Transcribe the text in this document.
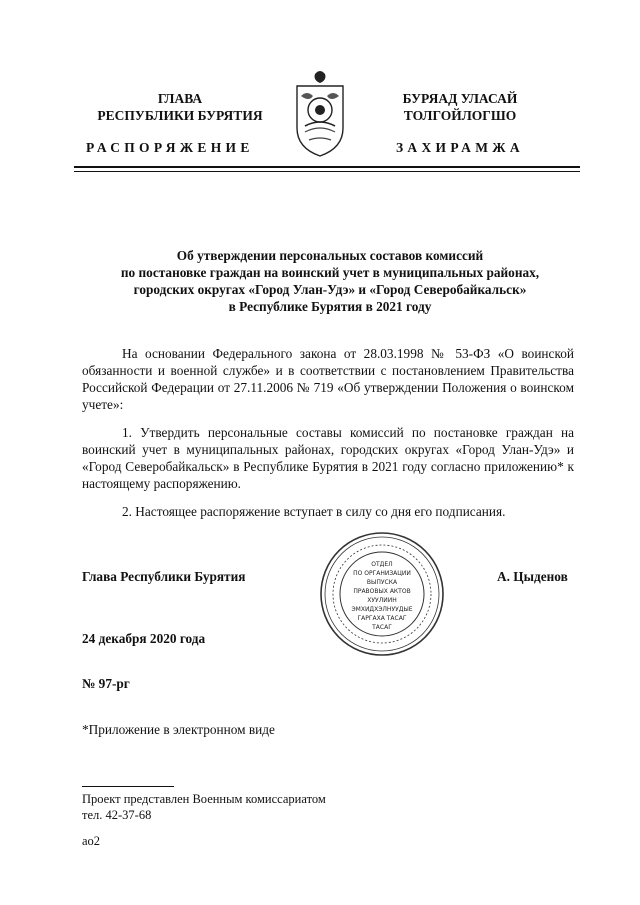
ГЛАВА
РЕСПУБЛИКИ БУРЯТИЯ
РАСПОРЯЖЕНИЕ
БУРЯАД УЛАСАЙ
ТОЛГОЙЛОГШО
ЗАХИРАМЖА
Об утверждении персональных составов комиссий
по постановке граждан на воинский учет в муниципальных районах,
городских округах «Город Улан-Удэ» и «Город Северобайкальск»
в Республике Бурятия в 2021 году
На основании Федерального закона от 28.03.1998 № 53-ФЗ «О воинской обязанности и военной службе» и в соответствии с постановлением Правительства Российской Федерации от 27.11.2006 № 719 «Об утверждении Положения о воинском учете»:
1. Утвердить персональные составы комиссий по постановке граждан на воинский учет в муниципальных районах, городских округах «Город Улан-Удэ» и «Город Северобайкальск» в Республике Бурятия в 2021 году согласно приложению* к настоящему распоряжению.
2. Настоящее распоряжение вступает в силу со дня его подписания.
Глава Республики Бурятия
ОТДЕЛ
ПО ОРГАНИЗАЦИИ
ВЫПУСКА
ПРАВОВЫХ АКТОВ
ХУУЛИИН
ЭМХИДХЭЛНУУДЫЕ
ГАРГАХА ТАСАГ
ТАСАГ
А. Цыденов
24 декабря 2020 года
№ 97-рг
*Приложение в электронном виде
Проект представлен Военным комиссариатом
тел. 42-37-68
ao2
